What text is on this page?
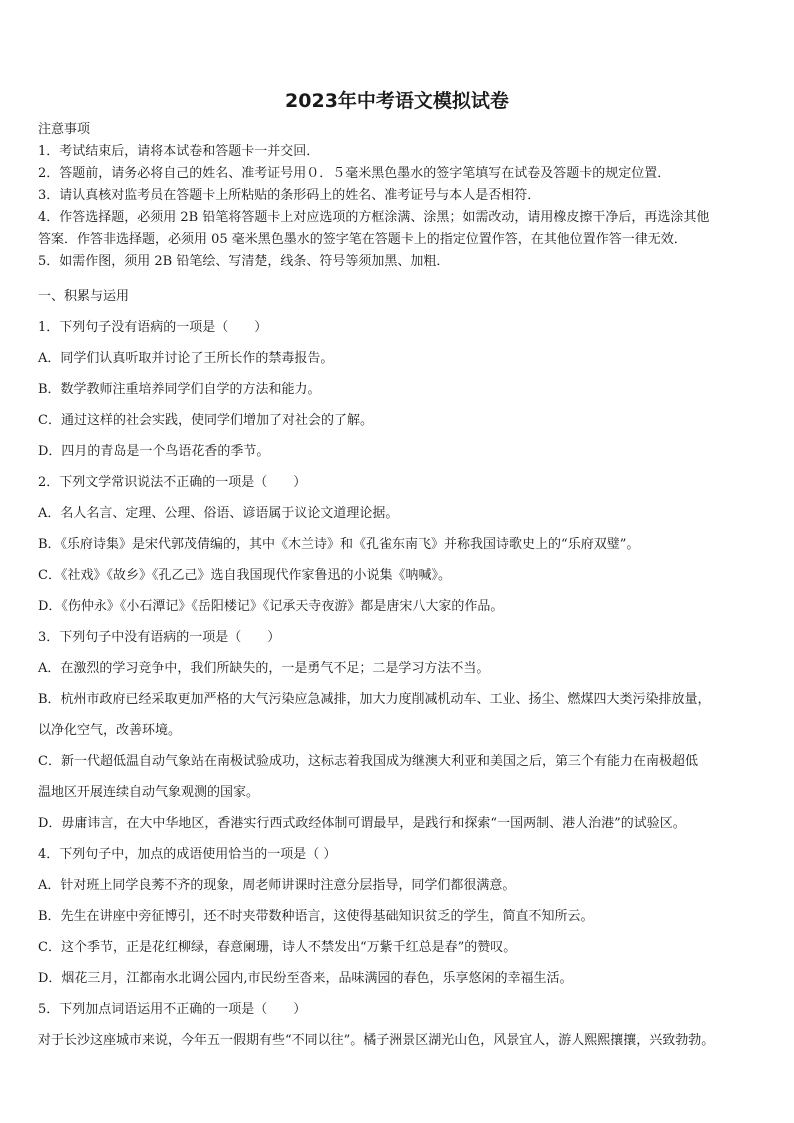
2023年中考语文模拟试卷
注意事项
1．考试结束后，请将本试卷和答题卡一并交回．
2．答题前，请务必将自己的姓名、准考证号用０．５毫米黑色墨水的签字笔填写在试卷及答题卡的规定位置．
3．请认真核对监考员在答题卡上所粘贴的条形码上的姓名、准考证号与本人是否相符．
4．作答选择题，必须用 2B 铅笔将答题卡上对应选项的方框涂满、涂黑；如需改动，请用橡皮擦干净后，再选涂其他
答案．作答非选择题，必须用 05 毫米黑色墨水的签字笔在答题卡上的指定位置作答，在其他位置作答一律无效．
5．如需作图，须用 2B 铅笔绘、写清楚，线条、符号等须加黑、加粗．
一、积累与运用
1．下列句子没有语病的一项是（　　）
A．同学们认真听取并讨论了王所长作的禁毒报告。
B．数学教师注重培养同学们自学的方法和能力。
C．通过这样的社会实践，使同学们增加了对社会的了解。
D．四月的青岛是一个鸟语花香的季节。
2．下列文学常识说法不正确的一项是（　　）
A．名人名言、定理、公理、俗语、谚语属于议论文道理论据。
B．《乐府诗集》是宋代郭茂倩编的，其中《木兰诗》和《孔雀东南飞》并称我国诗歌史上的“乐府双璧”。
C．《社戏》《故乡》《孔乙己》选自我国现代作家鲁迅的小说集《呐喊》。
D．《伤仲永》《小石潭记》《岳阳楼记》《记承天寺夜游》都是唐宋八大家的作品。
3．下列句子中没有语病的一项是（　　）
A．在激烈的学习竞争中，我们所缺失的，一是勇气不足；二是学习方法不当。
B．杭州市政府已经采取更加严格的大气污染应急减排，加大力度削减机动车、工业、扬尘、燃煤四大类污染排放量，
以净化空气，改善环境。
C．新一代超低温自动气象站在南极试验成功，这标志着我国成为继澳大利亚和美国之后，第三个有能力在南极超低
温地区开展连续自动气象观测的国家。
D．毋庸讳言，在大中华地区，香港实行西式政经体制可谓最早，是践行和探索“一国两制、港人治港”的试验区。
4．下列句子中，加点的成语使用恰当的一项是（ ）
A．针对班上同学良莠不齐的现象，周老师讲课时注意分层指导，同学们都很满意。
B．先生在讲座中旁征博引，还不时夹带数种语言，这使得基础知识贫乏的学生，简直不知所云。
C．这个季节，正是花红柳绿，春意阑珊，诗人不禁发出“万紫千红总是春”的赞叹。
D．烟花三月，江都南水北调公园内,市民纷至沓来，品味满园的春色，乐享悠闲的幸福生活。
5．下列加点词语运用不正确的一项是（　　）
对于长沙这座城市来说，今年五一假期有些“不同以往”。橘子洲景区湖光山色，风景宜人，游人熙熙攘攘，兴致勃勃。
